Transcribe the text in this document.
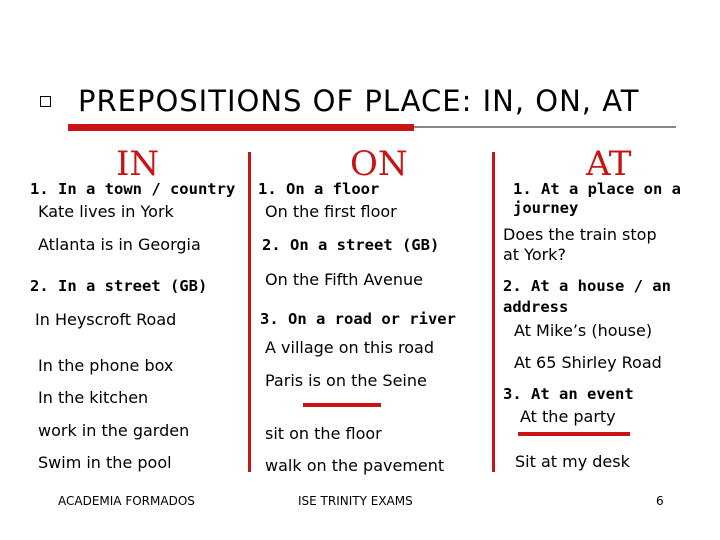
PREPOSITIONS OF PLACE: IN, ON, AT
IN
1. In a town / country
Kate lives in York
Atlanta is in Georgia
2. In a street (GB)
In Heyscroft Road
In the phone box
In the kitchen
work in the garden
Swim in the pool
ON
1. On a floor
On the first floor
2. On a street (GB)
On the Fifth Avenue
3. On a road or river
A village on this road
Paris is on the Seine
sit on the floor
walk on the pavement
AT
1. At a place on a
journey
Does the train stop
at York?
2. At a house / an
address
At Mike’s (house)
At 65 Shirley Road
3. At an event
At the party
Sit at my desk
ACADEMIA FORMADOS	ISE TRINITY EXAMS	6
